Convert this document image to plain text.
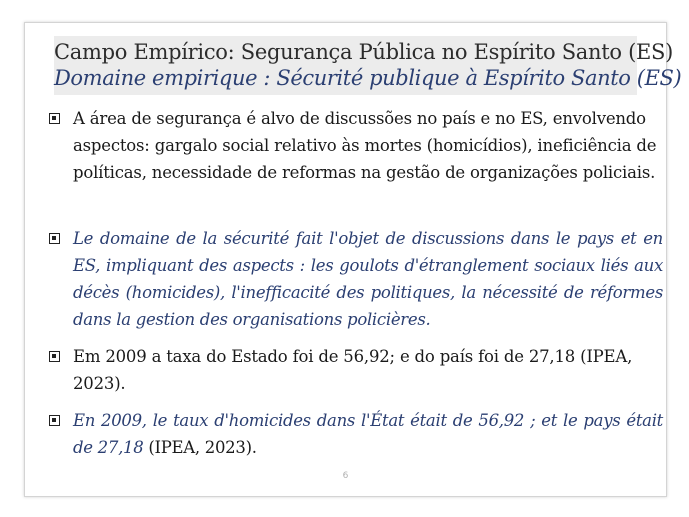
Campo Empírico: Segurança Pública no Espírito Santo (ES)
Domaine empirique : Sécurité publique à Espírito Santo (ES)
A área de segurança é alvo de discussões no país e no ES, envolvendo aspectos: gargalo social relativo às mortes (homicídios), ineficiência de políticas, necessidade de reformas na gestão de organizações policiais.
Le domaine de la sécurité fait l'objet de discussions dans le pays et en ES, impliquant des aspects : les goulots d'étranglement sociaux liés aux décès (homicides), l'inefficacité des politiques, la nécessité de réformes dans la gestion des organisations policières.
Em 2009 a taxa do Estado foi de 56,92; e do país foi de 27,18 (IPEA, 2023).
En 2009, le taux d'homicides dans l'État était de 56,92 ; et le pays était de 27,18 (IPEA, 2023).
6
